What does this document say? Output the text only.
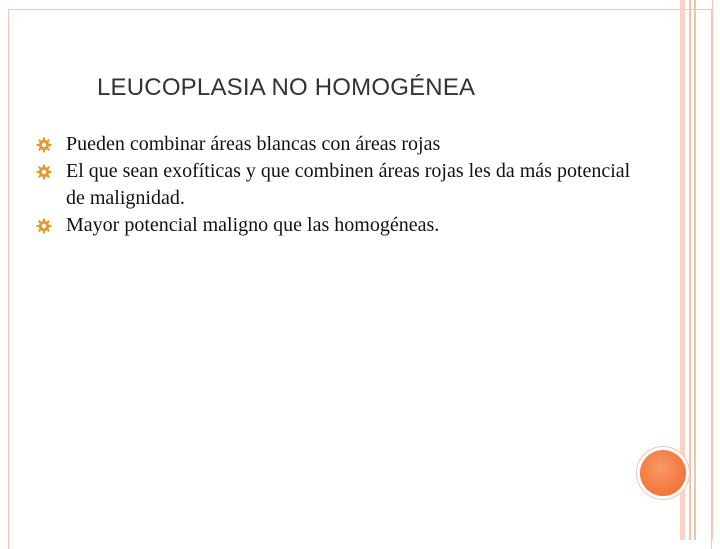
LEUCOPLASIA NO HOMOGÉNEA
Pueden combinar áreas blancas con áreas rojas
El que sean exofíticas y que combinen áreas rojas les da más potencial de malignidad.
Mayor potencial maligno que las homogéneas.
